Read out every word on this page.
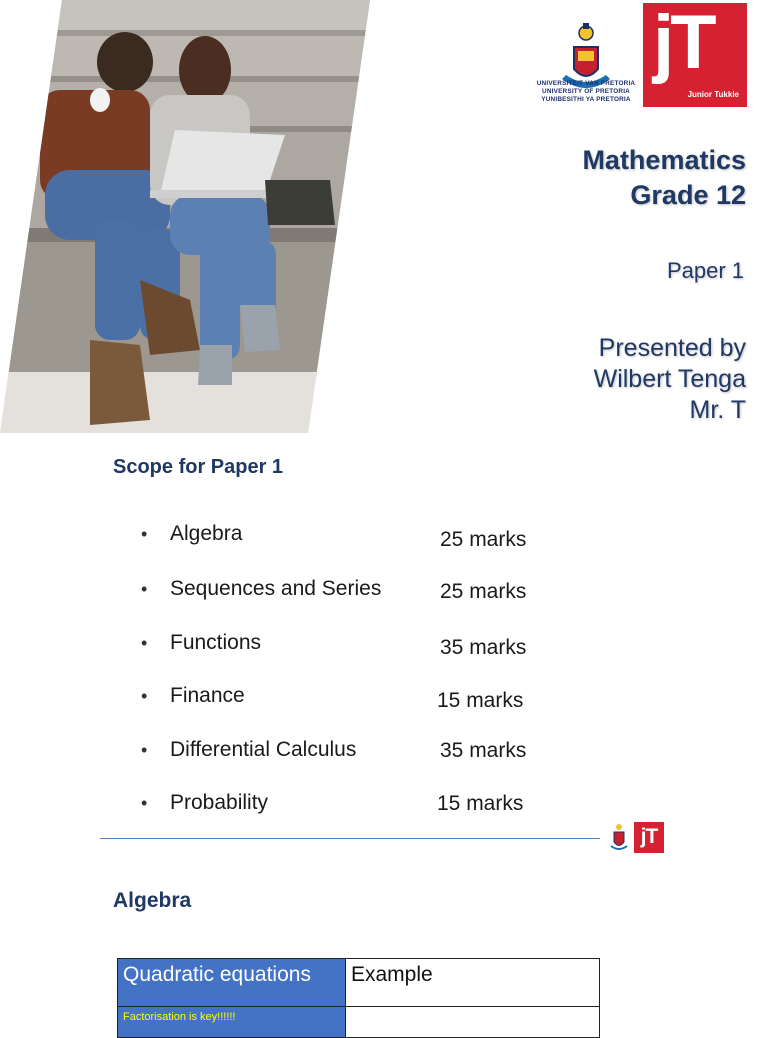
UNIVERSITEIT VAN PRETORIA
UNIVERSITY OF PRETORIA
YUNIBESITHI YA PRETORIA
jT
Junior Tukkie
Mathematics
Grade 12
Paper 1
Presented by
Wilbert Tenga
Mr. T
Scope for Paper 1
• Algebra	25 marks
• Sequences and Series	25 marks
• Functions	35 marks
• Finance	15 marks
• Differential Calculus	35 marks
• Probability	15 marks
jT
Algebra
Quadratic equations	Example
Factorisation is key!!!!!!	
